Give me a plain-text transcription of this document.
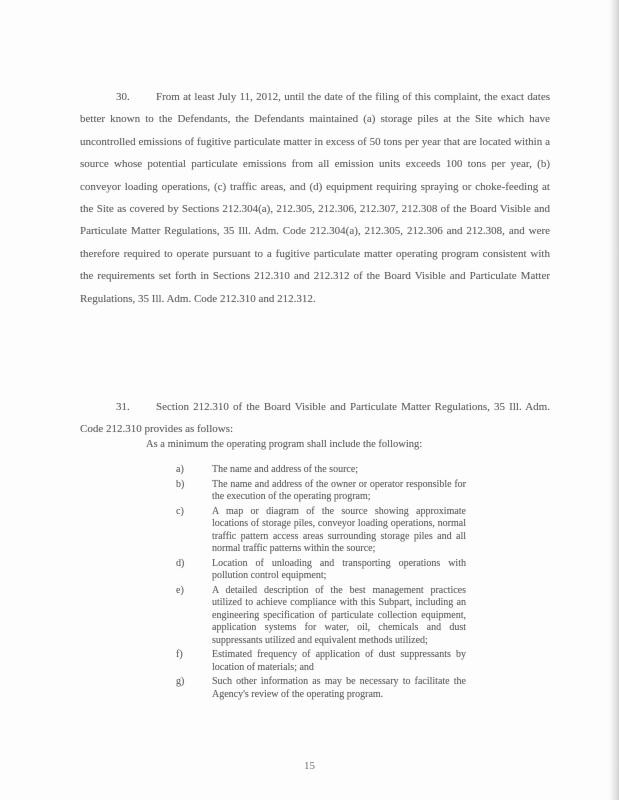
30. From at least July 11, 2012, until the date of the filing of this complaint, the exact dates better known to the Defendants, the Defendants maintained (a) storage piles at the Site which have uncontrolled emissions of fugitive particulate matter in excess of 50 tons per year that are located within a source whose potential particulate emissions from all emission units exceeds 100 tons per year, (b) conveyor loading operations, (c) traffic areas, and (d) equipment requiring spraying or choke-feeding at the Site as covered by Sections 212.304(a), 212.305, 212.306, 212.307, 212.308 of the Board Visible and Particulate Matter Regulations, 35 Ill. Adm. Code 212.304(a), 212.305, 212.306 and 212.308, and were therefore required to operate pursuant to a fugitive particulate matter operating program consistent with the requirements set forth in Sections 212.310 and 212.312 of the Board Visible and Particulate Matter Regulations, 35 Ill. Adm. Code 212.310 and 212.312.

31. Section 212.310 of the Board Visible and Particulate Matter Regulations, 35 Ill. Adm. Code 212.310 provides as follows:

As a minimum the operating program shall include the following:
a)	The name and address of the source;
b)	The name and address of the owner or operator responsible for the execution of the operating program;
c)	A map or diagram of the source showing approximate locations of storage piles, conveyor loading operations, normal traffic pattern access areas surrounding storage piles and all normal traffic patterns within the source;
d)	Location of unloading and transporting operations with pollution control equipment;
e)	A detailed description of the best management practices utilized to achieve compliance with this Subpart, including an engineering specification of particulate collection equipment, application systems for water, oil, chemicals and dust suppressants utilized and equivalent methods utilized;
f)	Estimated frequency of application of dust suppressants by location of materials; and
g)	Such other information as may be necessary to facilitate the Agency's review of the operating program.
15
